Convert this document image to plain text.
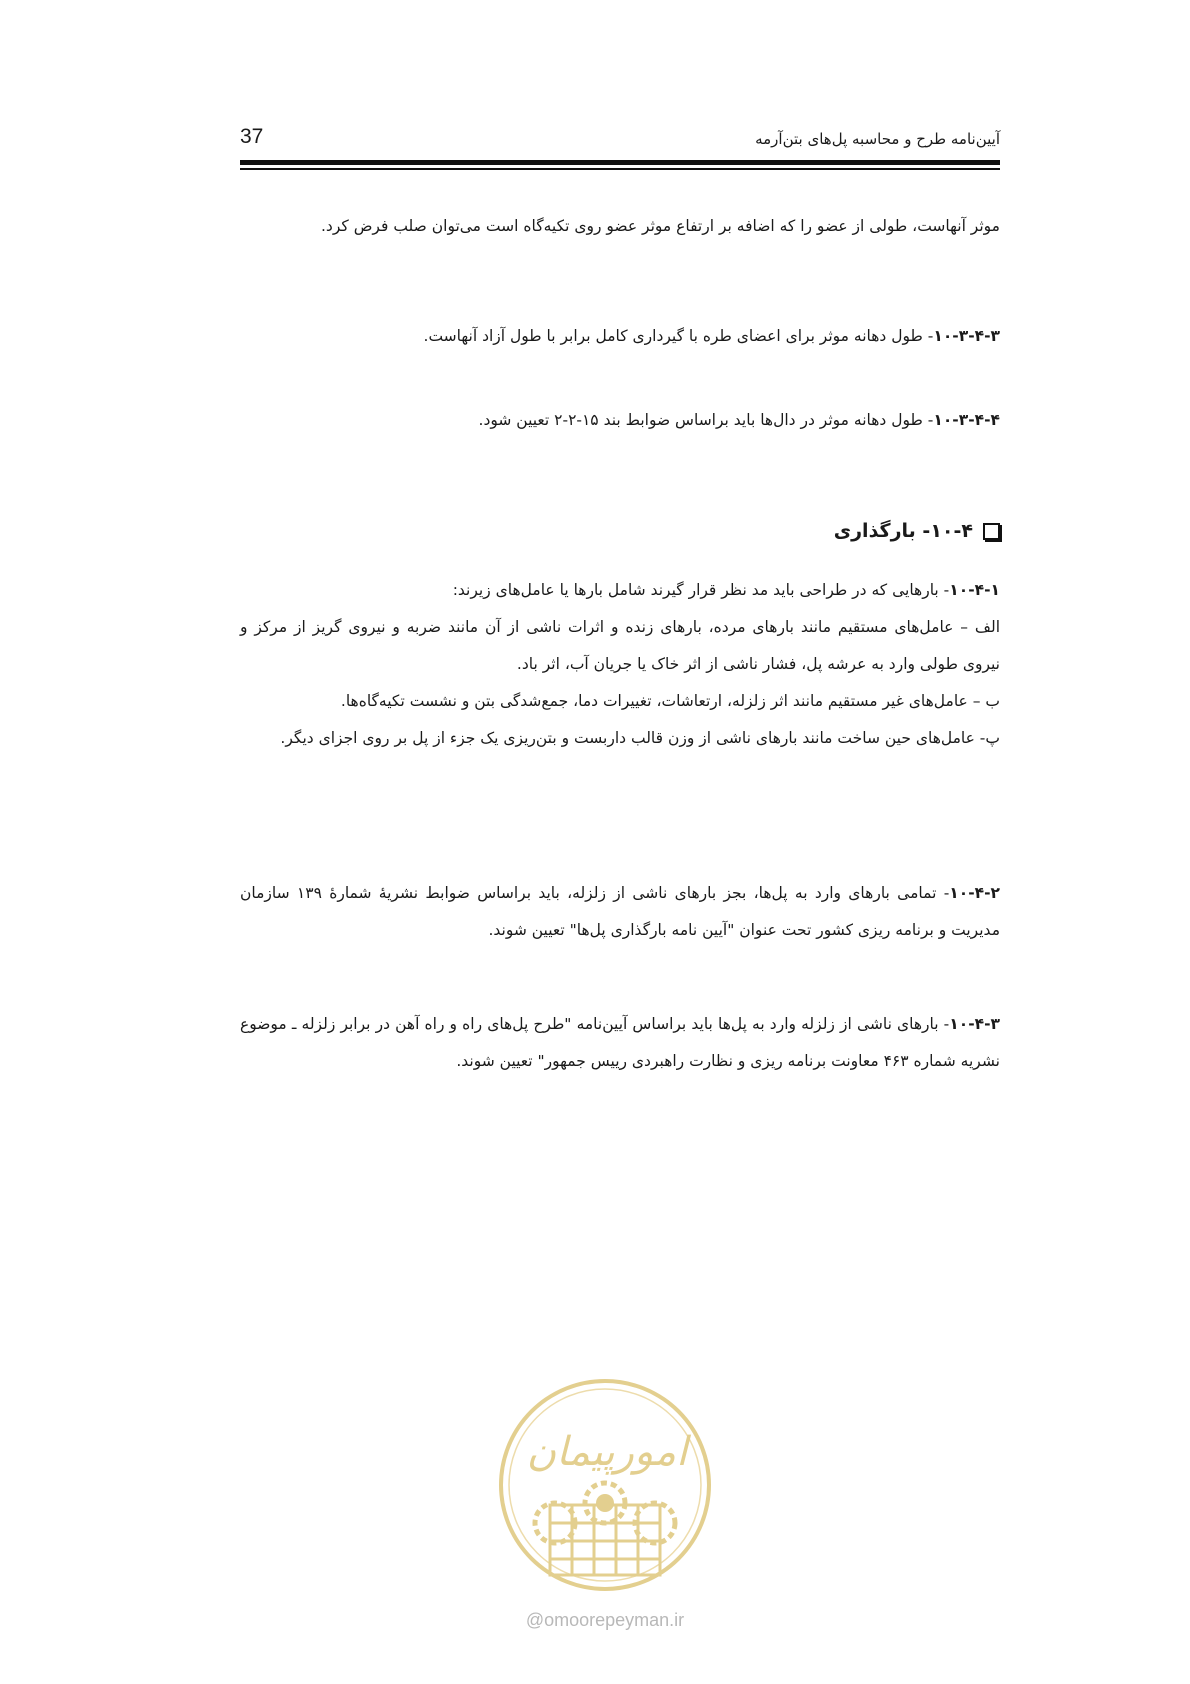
آیین‌نامه طرح و محاسبه پل‌های بتن‌آرمه
37

موثر آنهاست، طولی از عضو را که اضافه بر ارتفاع موثر عضو روی تکیه‌گاه است می‌توان صلب فرض کرد.

۱۰-۳-۴-۳- طول دهانه موثر برای اعضای طره با گیرداری کامل برابر با طول آزاد آنهاست.

۱۰-۳-۴-۴- طول دهانه موثر در دال‌ها باید براساس ضوابط بند ۱۵-۲-۲ تعیین شود.

۱۰-۴- بارگذاری

۱۰-۴-۱- بارهایی که در طراحی باید مد نظر قرار گیرند شامل بارها یا عامل‌های زیرند:

الف – عامل‌های مستقیم مانند بارهای مرده، بارهای زنده و اثرات ناشی از آن مانند ضربه و نیروی گریز از مرکز و نیروی طولی وارد به عرشه پل، فشار ناشی از اثر خاک یا جریان آب، اثر باد.

ب – عامل‌های غیر مستقیم مانند اثر زلزله، ارتعاشات، تغییرات دما، جمع‌شدگی بتن و نشست تکیه‌گاه‌ها.

پ- عامل‌های حین ساخت مانند بارهای ناشی از وزن قالب داربست و بتن‌ریزی یک جزء از پل بر روی اجزای دیگر.

۱۰-۴-۲- تمامی بارهای وارد به پل‌ها، بجز بارهای ناشی از زلزله، باید براساس ضوابط نشریهٔ شمارهٔ ۱۳۹ سازمان مدیریت و برنامه ریزی کشور تحت عنوان "آیین نامه بارگذاری پل‌ها" تعیین شوند.

۱۰-۴-۳- بارهای ناشی از زلزله وارد به پل‌ها باید براساس آیین‌نامه "طرح پل‌های راه و راه آهن در برابر زلزله ـ موضوع نشریه شماره ۴۶۳ معاونت برنامه ریزی و نظارت راهبردی رییس جمهور" تعیین شوند.

امورپیمان
@omoorepeyman.ir
